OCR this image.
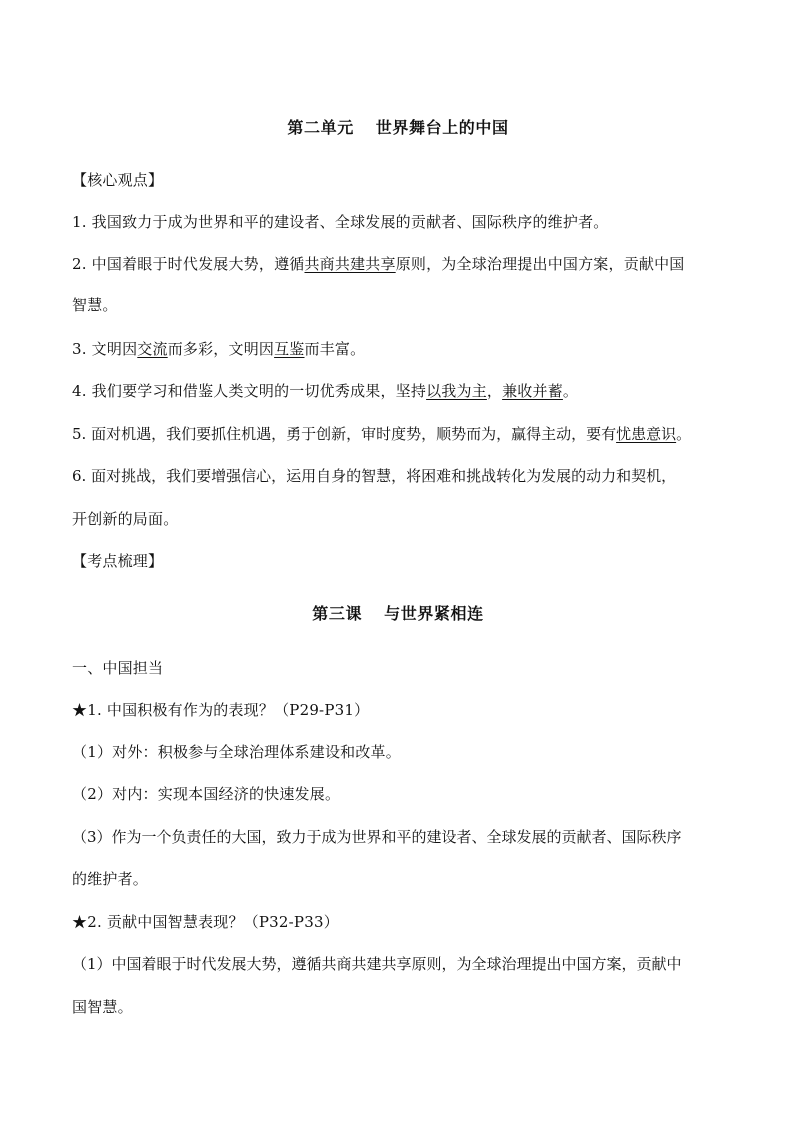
第二单元 世界舞台上的中国
【核心观点】
1. 我国致力于成为世界和平的建设者、全球发展的贡献者、国际秩序的维护者。
2. 中国着眼于时代发展大势，遵循共商共建共享原则，为全球治理提出中国方案，贡献中国
智慧。
3. 文明因交流而多彩，文明因互鉴而丰富。
4. 我们要学习和借鉴人类文明的一切优秀成果，坚持以我为主，兼收并蓄。
5. 面对机遇，我们要抓住机遇，勇于创新，审时度势，顺势而为，赢得主动，要有忧患意识。
6. 面对挑战，我们要增强信心，运用自身的智慧，将困难和挑战转化为发展的动力和契机，
开创新的局面。
【考点梳理】
第三课 与世界紧相连
一、中国担当
★1. 中国积极有作为的表现？（P29-P31）
（1）对外：积极参与全球治理体系建设和改革。
（2）对内：实现本国经济的快速发展。
（3）作为一个负责任的大国，致力于成为世界和平的建设者、全球发展的贡献者、国际秩序
的维护者。
★2. 贡献中国智慧表现？（P32-P33）
（1）中国着眼于时代发展大势，遵循共商共建共享原则，为全球治理提出中国方案，贡献中
国智慧。
